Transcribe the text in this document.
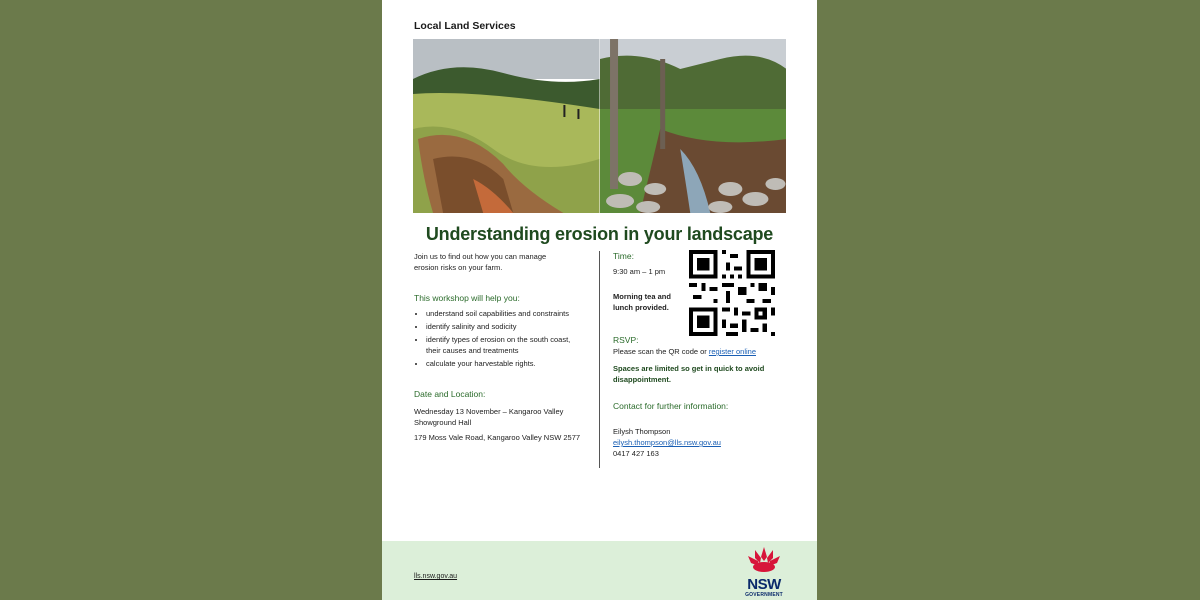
Local Land Services
Understanding erosion in your landscape
Join us to find out how you can manage erosion risks on your farm.
This workshop will help you:
• understand soil capabilities and constraints
• identify salinity and sodicity
• identify types of erosion on the south coast, their causes and treatments
• calculate your harvestable rights.
Date and Location:
Wednesday 13 November – Kangaroo Valley Showground Hall
179 Moss Vale Road, Kangaroo Valley NSW 2577
Time:
9:30 am – 1 pm
Morning tea and lunch provided.
RSVP:
Please scan the QR code or register online
Spaces are limited so get in quick to avoid disappointment.
Contact for further information:
Eilysh Thompson
eilysh.thompson@lls.nsw.gov.au
0417 427 163
lls.nsw.gov.au	NSW
GOVERNMENT
